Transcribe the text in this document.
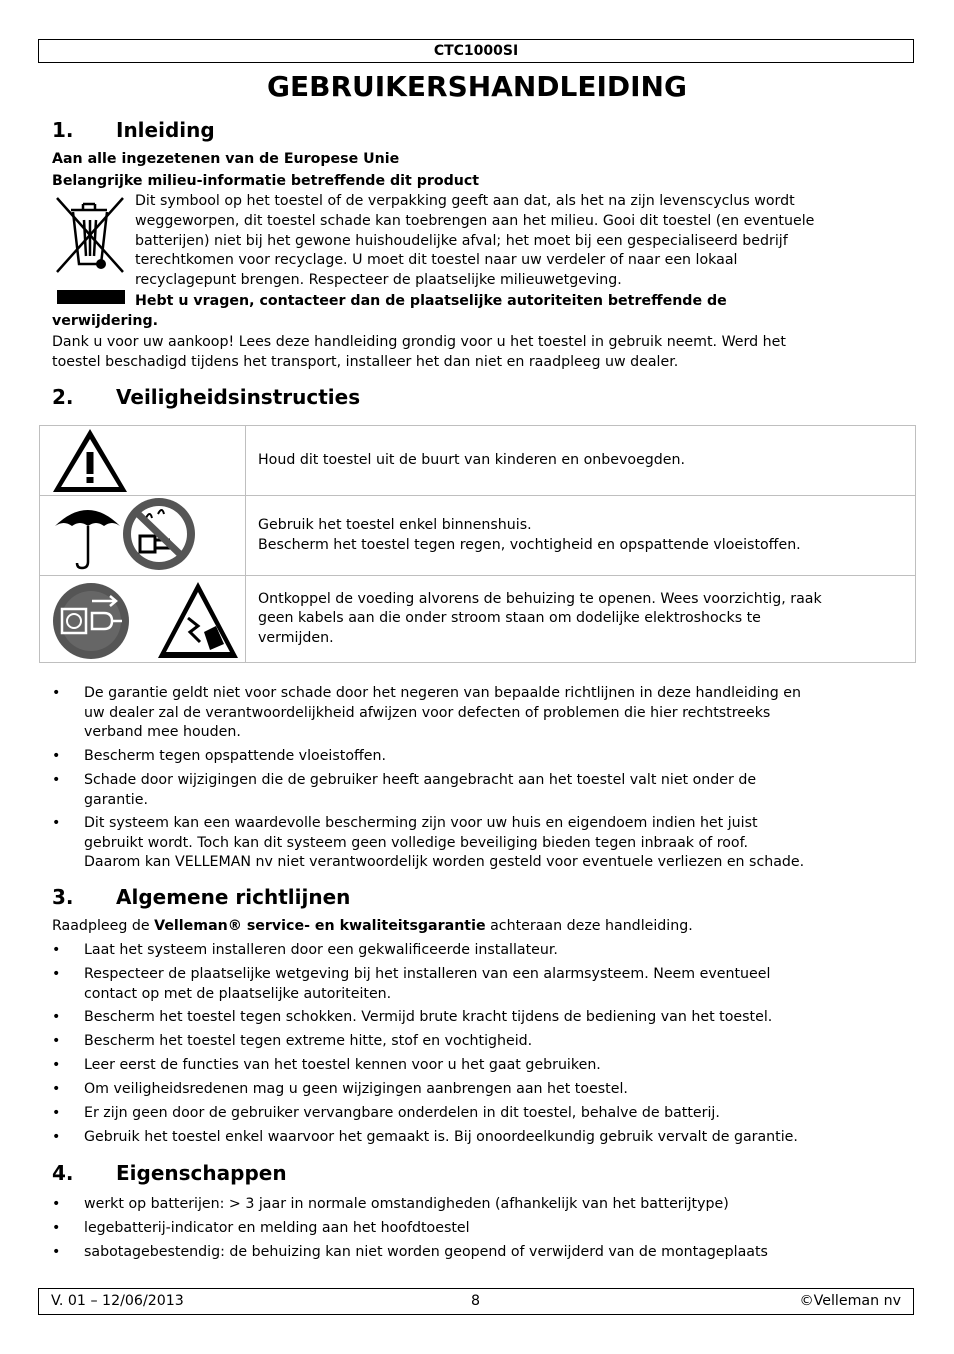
CTC1000SI
GEBRUIKERSHANDLEIDING
1. Inleiding
Aan alle ingezetenen van de Europese Unie
Belangrijke milieu-informatie betreffende dit product
Dit symbool op het toestel of de verpakking geeft aan dat, als het na zijn levenscyclus wordt
weggeworpen, dit toestel schade kan toebrengen aan het milieu. Gooi dit toestel (en eventuele
batterijen) niet bij het gewone huishoudelijke afval; het moet bij een gespecialiseerd bedrijf
terechtkomen voor recyclage. U moet dit toestel naar uw verdeler of naar een lokaal
recyclagepunt brengen. Respecteer de plaatselijke milieuwetgeving.
Hebt u vragen, contacteer dan de plaatselijke autoriteiten betreffende de
verwijdering.
Dank u voor uw aankoop! Lees deze handleiding grondig voor u het toestel in gebruik neemt. Werd het
toestel beschadigd tijdens het transport, installeer het dan niet en raadpleeg uw dealer.
2. Veiligheidsinstructies

Houd dit toestel uit de buurt van kinderen en onbevoegden.

Gebruik het toestel enkel binnenshuis.
Bescherm het toestel tegen regen, vochtigheid en opspattende vloeistoffen.

Ontkoppel de voeding alvorens de behuizing te openen. Wees voorzichtig, raak
geen kabels aan die onder stroom staan om dodelijke elektroshocks te
vermijden.
• De garantie geldt niet voor schade door het negeren van bepaalde richtlijnen in deze handleiding en
uw dealer zal de verantwoordelijkheid afwijzen voor defecten of problemen die hier rechtstreeks
verband mee houden.
• Bescherm tegen opspattende vloeistoffen.
• Schade door wijzigingen die de gebruiker heeft aangebracht aan het toestel valt niet onder de
garantie.
• Dit systeem kan een waardevolle bescherming zijn voor uw huis en eigendoem indien het juist
gebruikt wordt. Toch kan dit systeem geen volledige beveiliging bieden tegen inbraak of roof.
Daarom kan VELLEMAN nv niet verantwoordelijk worden gesteld voor eventuele verliezen en schade.
3. Algemene richtlijnen
Raadpleeg de Velleman® service- en kwaliteitsgarantie achteraan deze handleiding.
• Laat het systeem installeren door een gekwalificeerde installateur.
• Respecteer de plaatselijke wetgeving bij het installeren van een alarmsysteem. Neem eventueel
contact op met de plaatselijke autoriteiten.
• Bescherm het toestel tegen schokken. Vermijd brute kracht tijdens de bediening van het toestel.
• Bescherm het toestel tegen extreme hitte, stof en vochtigheid.
• Leer eerst de functies van het toestel kennen voor u het gaat gebruiken.
• Om veiligheidsredenen mag u geen wijzigingen aanbrengen aan het toestel.
• Er zijn geen door de gebruiker vervangbare onderdelen in dit toestel, behalve de batterij.
• Gebruik het toestel enkel waarvoor het gemaakt is. Bij onoordeelkundig gebruik vervalt de garantie.
4. Eigenschappen
• werkt op batterijen: > 3 jaar in normale omstandigheden (afhankelijk van het batterijtype)
• legebatterij-indicator en melding aan het hoofdtoestel
• sabotagebestendig: de behuizing kan niet worden geopend of verwijderd van de montageplaats
V. 01 – 12/06/2013	8	©Velleman nv
